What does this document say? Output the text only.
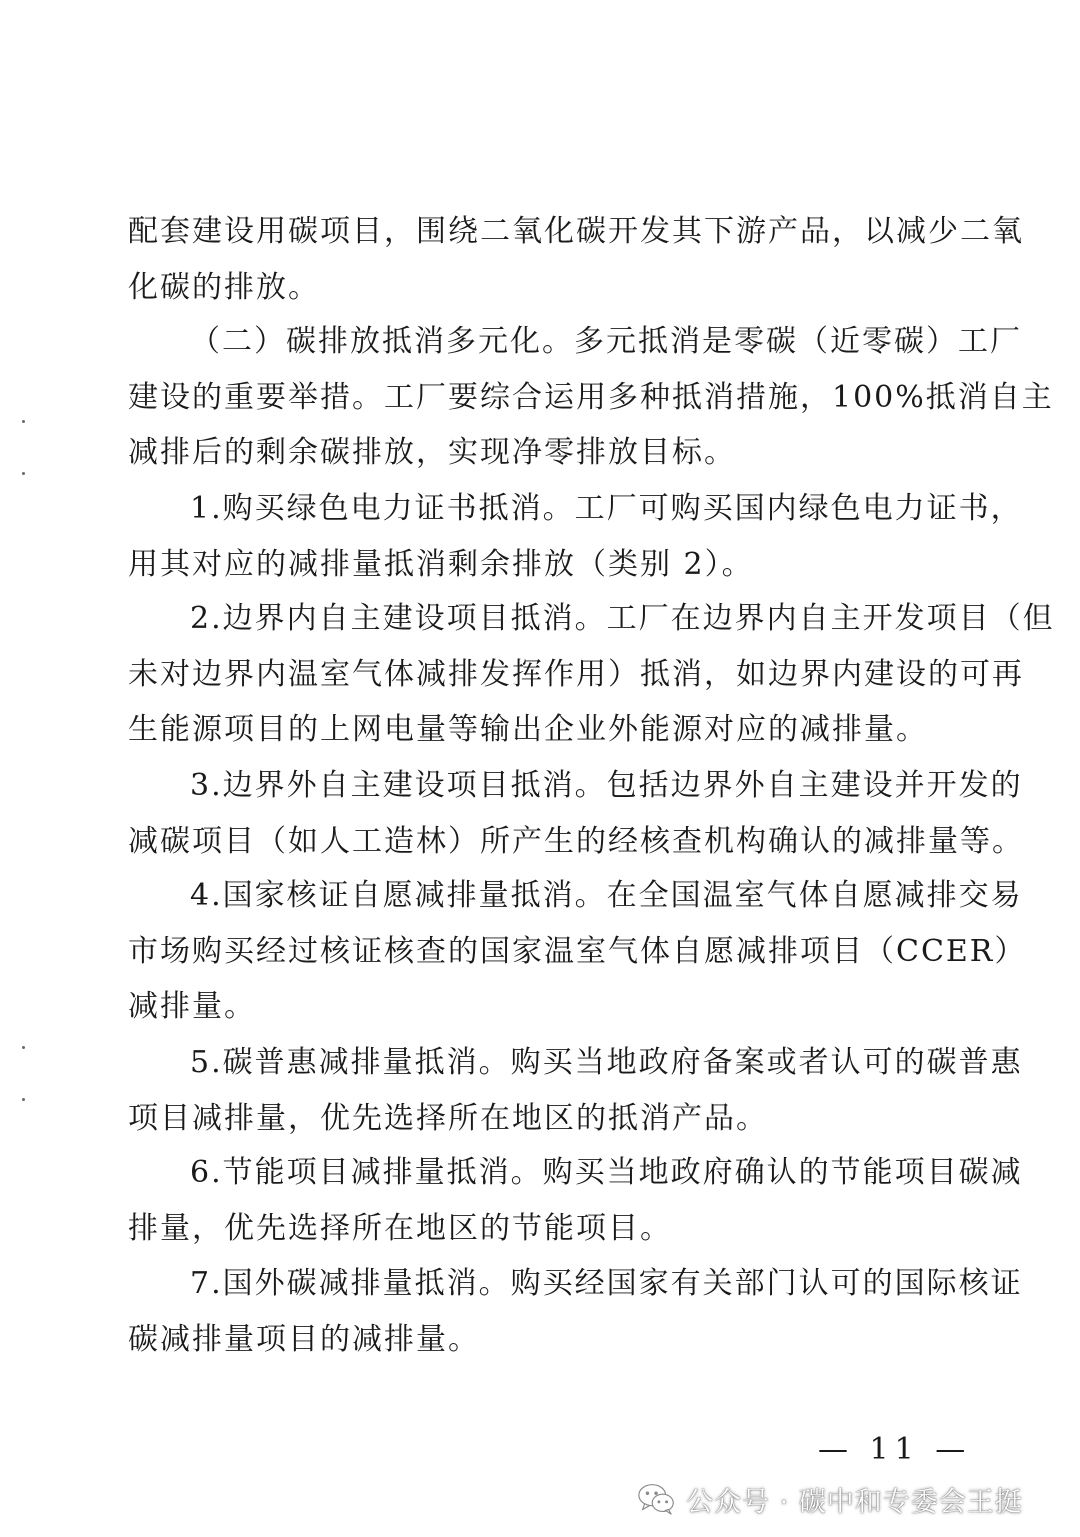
配套建设用碳项目，围绕二氧化碳开发其下游产品，以减少二氧
化碳的排放。
（二）碳排放抵消多元化。多元抵消是零碳（近零碳）工厂
建设的重要举措。工厂要综合运用多种抵消措施，100%抵消自主
减排后的剩余碳排放，实现净零排放目标。
1.购买绿色电力证书抵消。工厂可购买国内绿色电力证书，
用其对应的减排量抵消剩余排放（类别 2）。
2.边界内自主建设项目抵消。工厂在边界内自主开发项目（但
未对边界内温室气体减排发挥作用）抵消，如边界内建设的可再
生能源项目的上网电量等输出企业外能源对应的减排量。
3.边界外自主建设项目抵消。包括边界外自主建设并开发的
减碳项目（如人工造林）所产生的经核查机构确认的减排量等。
4.国家核证自愿减排量抵消。在全国温室气体自愿减排交易
市场购买经过核证核查的国家温室气体自愿减排项目（CCER）
减排量。
5.碳普惠减排量抵消。购买当地政府备案或者认可的碳普惠
项目减排量，优先选择所在地区的抵消产品。
6.节能项目减排量抵消。购买当地政府确认的节能项目碳减
排量，优先选择所在地区的节能项目。
7.国外碳减排量抵消。购买经国家有关部门认可的国际核证
碳减排量项目的减排量。
— 11 —
公众号 · 碳中和专委会王挺
